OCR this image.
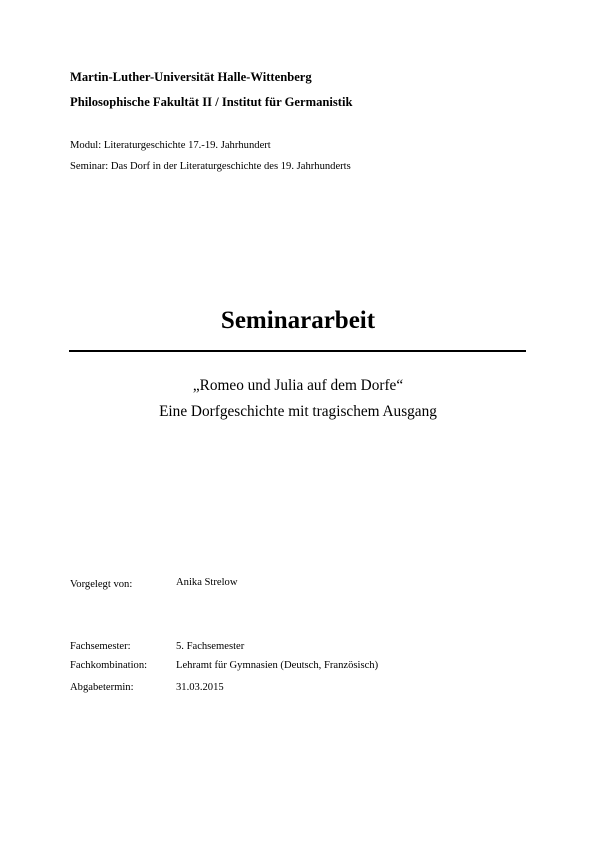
Martin-Luther-Universität Halle-Wittenberg
Philosophische Fakultät II / Institut für Germanistik
Modul: Literaturgeschichte 17.-19. Jahrhundert
Seminar: Das Dorf in der Literaturgeschichte des 19. Jahrhunderts
Seminararbeit
„Romeo und Julia auf dem Dorfe“
Eine Dorfgeschichte mit tragischem Ausgang
Vorgelegt von:	Anika Strelow
Fachsemester:	5. Fachsemester
Fachkombination:	Lehramt für Gymnasien (Deutsch, Französisch)
Abgabetermin:	31.03.2015
